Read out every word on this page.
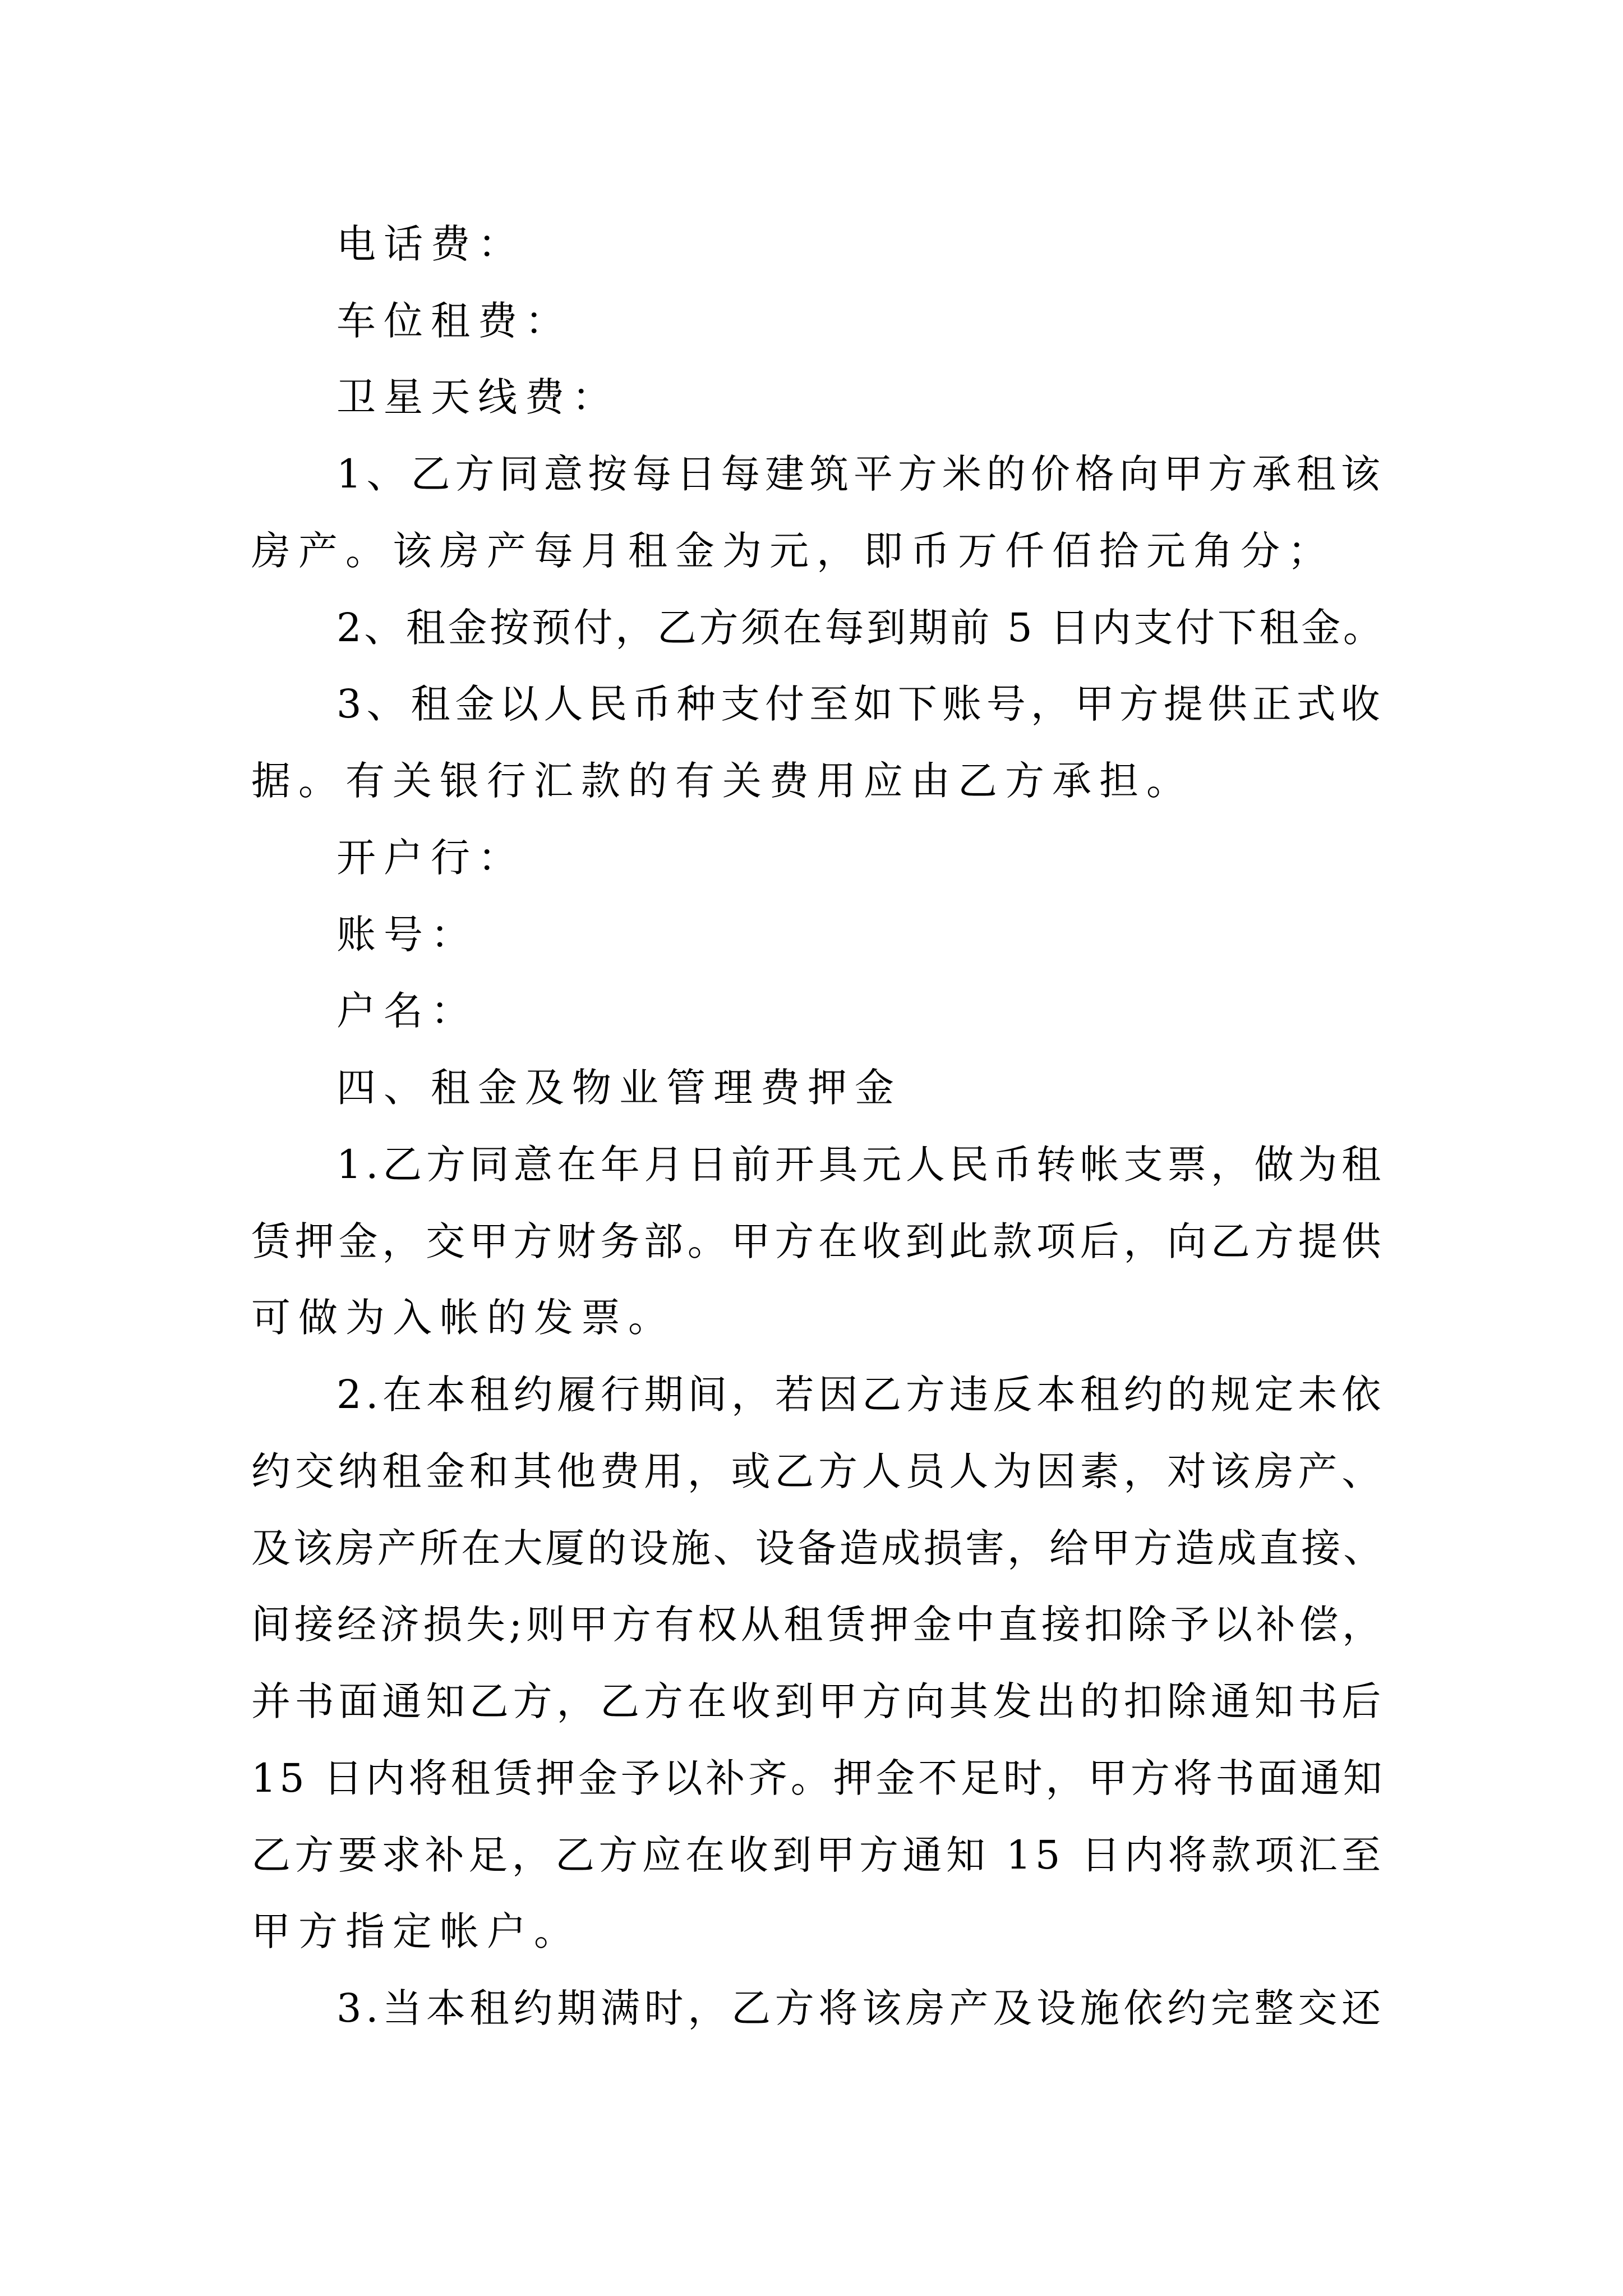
电话费：
车位租费：
卫星天线费：
1、乙方同意按每日每建筑平方米的价格向甲方承租该
房产。该房产每月租金为元，即币万仟佰拾元角分；
2、租金按预付，乙方须在每到期前 5 日内支付下租金。
3、租金以人民币种支付至如下账号，甲方提供正式收
据。有关银行汇款的有关费用应由乙方承担。
开户行：
账号：
户名：
四、租金及物业管理费押金
1.乙方同意在年月日前开具元人民币转帐支票，做为租
赁押金，交甲方财务部。甲方在收到此款项后，向乙方提供
可做为入帐的发票。
2.在本租约履行期间，若因乙方违反本租约的规定未依
约交纳租金和其他费用，或乙方人员人为因素，对该房产、
及该房产所在大厦的设施、设备造成损害，给甲方造成直接、
间接经济损失;则甲方有权从租赁押金中直接扣除予以补偿，
并书面通知乙方，乙方在收到甲方向其发出的扣除通知书后
15 日内将租赁押金予以补齐。押金不足时，甲方将书面通知
乙方要求补足，乙方应在收到甲方通知 15 日内将款项汇至
甲方指定帐户。
3.当本租约期满时，乙方将该房产及设施依约完整交还
